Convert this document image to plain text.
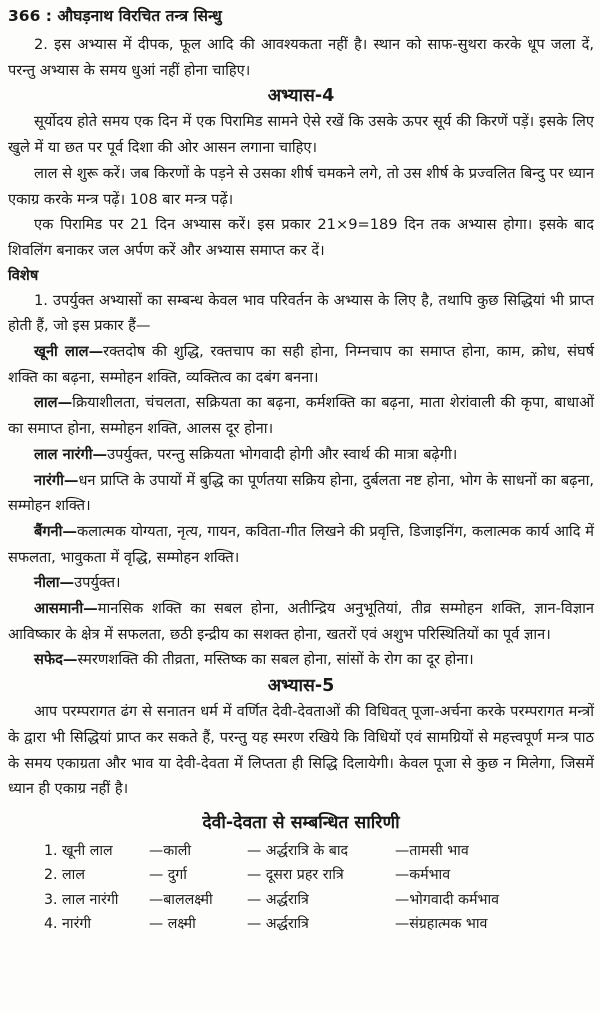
366 : औघड़नाथ विरचित तन्त्र सिन्धु

2. इस अभ्यास में दीपक, फूल आदि की आवश्यकता नहीं है। स्थान को साफ-सुथरा करके धूप जला दें, परन्तु अभ्यास के समय धुआं नहीं होना चाहिए।

अभ्यास-4

सूर्योदय होते समय एक दिन में एक पिरामिड सामने ऐसे रखें कि उसके ऊपर सूर्य की किरणें पड़ें। इसके लिए खुले में या छत पर पूर्व दिशा की ओर आसन लगाना चाहिए।

लाल से शुरू करें। जब किरणों के पड़ने से उसका शीर्ष चमकने लगे, तो उस शीर्ष के प्रज्वलित बिन्दु पर ध्यान एकाग्र करके मन्त्र पढ़ें। 108 बार मन्त्र पढ़ें।

एक पिरामिड पर 21 दिन अभ्यास करें। इस प्रकार 21×9=189 दिन तक अभ्यास होगा। इसके बाद शिवलिंग बनाकर जल अर्पण करें और अभ्यास समाप्त कर दें।

विशेष

1. उपर्युक्त अभ्यासों का सम्बन्ध केवल भाव परिवर्तन के अभ्यास के लिए है, तथापि कुछ सिद्धियां भी प्राप्त होती हैं, जो इस प्रकार हैं—

खूनी लाल—रक्तदोष की शुद्धि, रक्तचाप का सही होना, निम्नचाप का समाप्त होना, काम, क्रोध, संघर्ष शक्ति का बढ़ना, सम्मोहन शक्ति, व्यक्तित्व का दबंग बनना।

लाल—क्रियाशीलता, चंचलता, सक्रियता का बढ़ना, कर्मशक्ति का बढ़ना, माता शेरांवाली की कृपा, बाधाओं का समाप्त होना, सम्मोहन शक्ति, आलस दूर होना।

लाल नारंगी—उपर्युक्त, परन्तु सक्रियता भोगवादी होगी और स्वार्थ की मात्रा बढ़ेगी।

नारंगी—धन प्राप्ति के उपायों में बुद्धि का पूर्णतया सक्रिय होना, दुर्बलता नष्ट होना, भोग के साधनों का बढ़ना, सम्मोहन शक्ति।

बैंगनी—कलात्मक योग्यता, नृत्य, गायन, कविता-गीत लिखने की प्रवृत्ति, डिजाइनिंग, कलात्मक कार्य आदि में सफलता, भावुकता में वृद्धि, सम्मोहन शक्ति।

नीला—उपर्युक्त।

आसमानी—मानसिक शक्ति का सबल होना, अतीन्द्रिय अनुभूतियां, तीव्र सम्मोहन शक्ति, ज्ञान-विज्ञान आविष्कार के क्षेत्र में सफलता, छठी इन्द्रीय का सशक्त होना, खतरों एवं अशुभ परिस्थितियों का पूर्व ज्ञान।

सफेद—स्मरणशक्ति की तीव्रता, मस्तिष्क का सबल होना, सांसों के रोग का दूर होना।

अभ्यास-5

आप परम्परागत ढंग से सनातन धर्म में वर्णित देवी-देवताओं की विधिवत् पूजा-अर्चना करके परम्परागत मन्त्रों के द्वारा भी सिद्धियां प्राप्त कर सकते हैं, परन्तु यह स्मरण रखिये कि विधियों एवं सामग्रियों से महत्त्वपूर्ण मन्त्र पाठ के समय एकाग्रता और भाव या देवी-देवता में लिप्तता ही सिद्धि दिलायेगी। केवल पूजा से कुछ न मिलेगा, जिसमें ध्यान ही एकाग्र नहीं है।

देवी-देवता से सम्बन्धित सारिणी
1. खूनी लाल	—काली	— अर्द्धरात्रि के बाद	—तामसी भाव
2. लाल	— दुर्गा	— दूसरा प्रहर रात्रि	—कर्मभाव
3. लाल नारंगी	—बाललक्ष्मी	— अर्द्धरात्रि	—भोगवादी कर्मभाव
4. नारंगी	— लक्ष्मी	— अर्द्धरात्रि	—संग्रहात्मक भाव
